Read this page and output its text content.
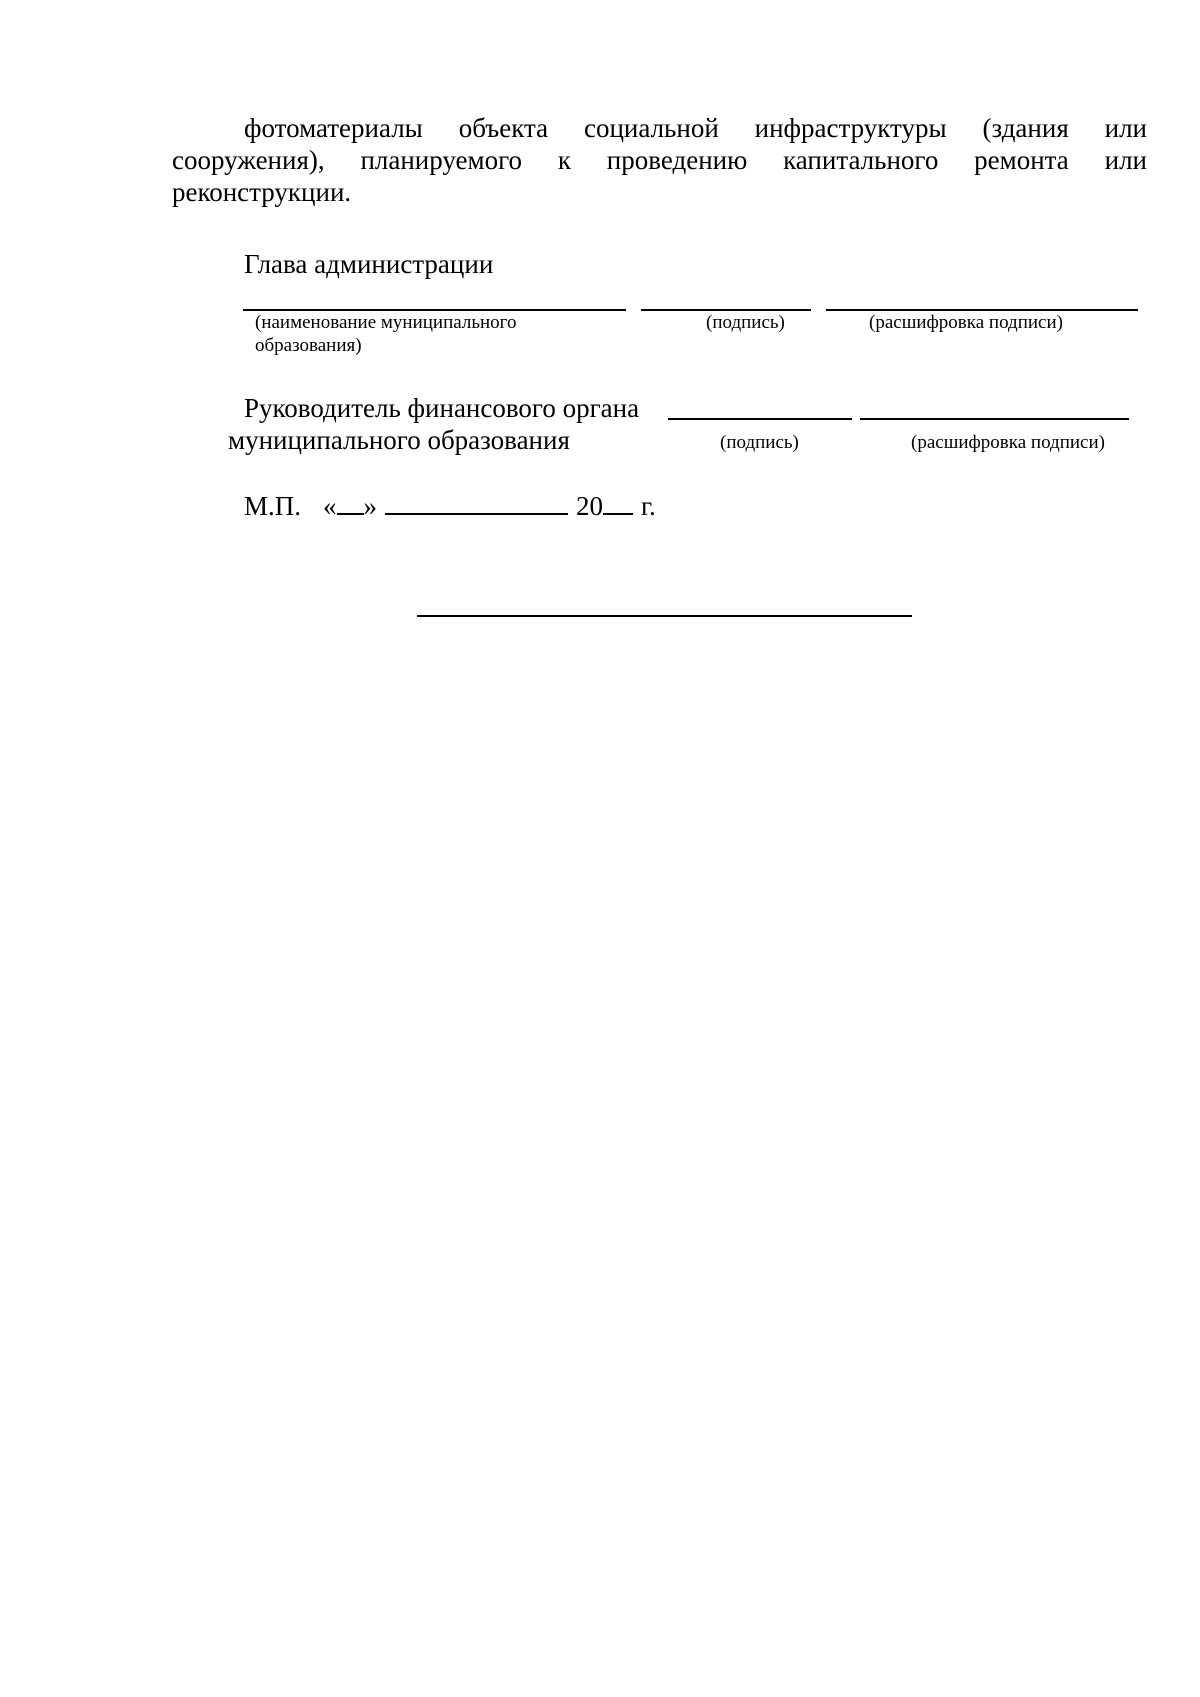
фотоматериалы объекта социальной инфраструктуры (здания или сооружения), планируемого к проведению капитального ремонта или реконструкции.

Глава администрации
(наименование муниципального
образования)
(подпись)	(расшифровка подписи)
Руководитель финансового органа
муниципального образования	(подпись)	(расшифровка подписи)
М.П. « »	20 г.
